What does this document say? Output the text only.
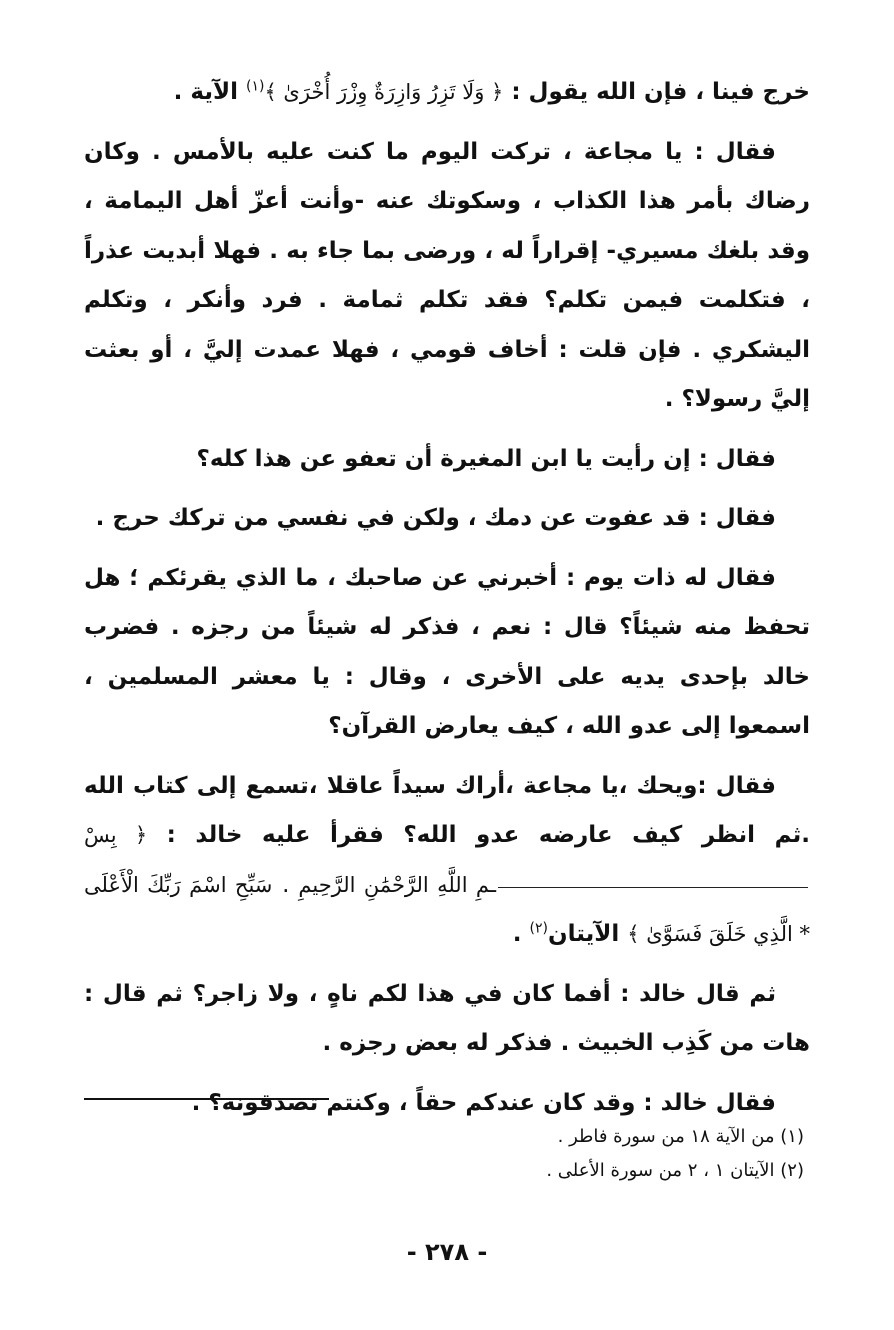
خرج فينا ، فإن الله يقول : ﴿ وَلَا تَزِرُ وَازِرَةٌ وِزْرَ أُخْرَىٰ ﴾$^{(١)}$ الآية .

فقال : يا مجاعة ، تركت اليوم ما كنت عليه بالأمس . وكان رضاك بأمر هذا الكذاب ، وسكوتك عنه -وأنت أعزّ أهل اليمامة ، وقد بلغك مسيري- إقراراً له ، ورضى بما جاء به . فهلا أبديت عذراً ، فتكلمت فيمن تكلم؟ فقد تكلم ثمامة . فرد وأنكر ، وتكلم اليشكري . فإن قلت : أخاف قومي ، فهلا عمدت إليَّ ، أو بعثت إليَّ رسولا؟ .

فقال : إن رأيت يا ابن المغيرة أن تعفو عن هذا كله؟

فقال : قد عفوت عن دمك ، ولكن في نفسي من تركك حرج .

فقال له ذات يوم : أخبرني عن صاحبك ، ما الذي يقرئكم ؛ هل تحفظ منه شيئاً؟ قال : نعم ، فذكر له شيئاً من رجزه . فضرب خالد بإحدى يديه على الأخرى ، وقال : يا معشر المسلمين ، اسمعوا إلى عدو الله ، كيف يعارض القرآن؟

فقال :ويحك ،يا مجاعة ،أراك سيداً عاقلا ،تسمع إلى كتاب الله .ثم انظر كيف عارضه عدو الله؟ فقرأ عليه خالد : ﴿ بِسْـمِ اللَّهِ الرَّحْمَٰنِ الرَّحِيمِ . سَبِّحِ اسْمَ رَبِّكَ الْأَعْلَى * الَّذِي خَلَقَ فَسَوَّىٰ ﴾ الآيتان$^{(٢)}$ .

ثم قال خالد : أفما كان في هذا لكم ناهٍ ، ولا زاجر؟ ثم قال : هات من كَذِب الخبيث . فذكر له بعض رجزه .

فقال خالد : وقد كان عندكم حقاً ، وكنتم تصدقونه؟ .

(١) من الآية ١٨ من سورة فاطر .
(٢) الآيتان ١ ، ٢ من سورة الأعلى .
- ٢٧٨ -
